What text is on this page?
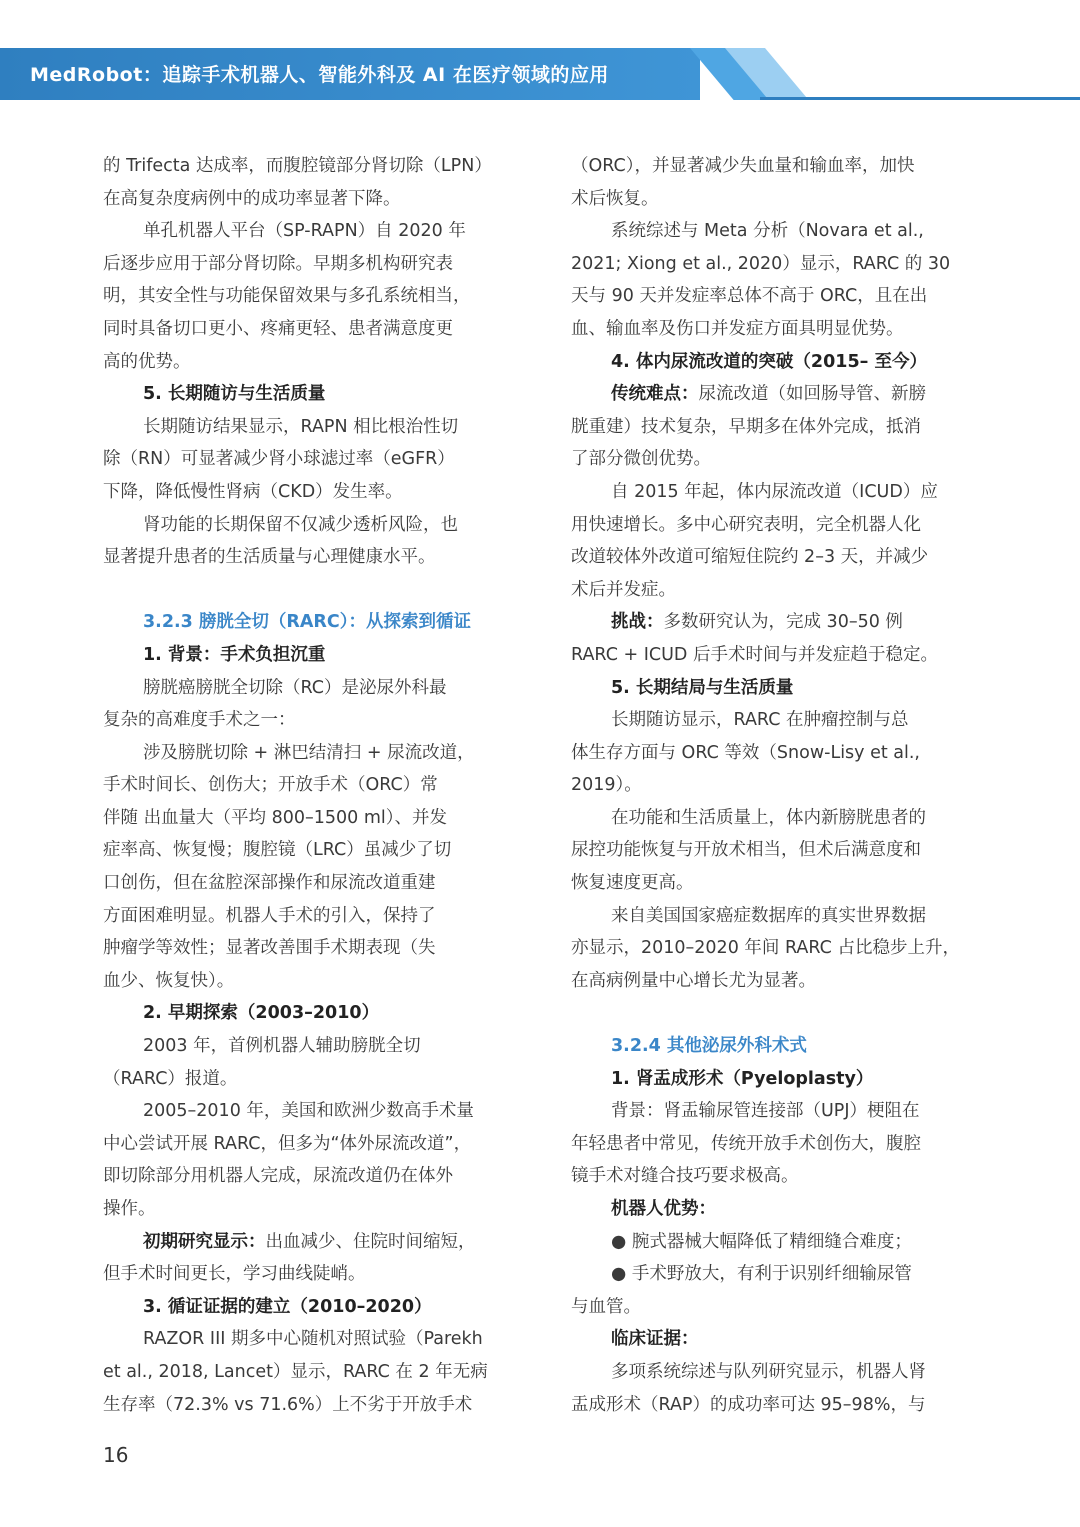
MedRobot：追踪手术机器人、智能外科及 AI 在医疗领域的应用
的 Trifecta 达成率，而腹腔镜部分肾切除（LPN）
在高复杂度病例中的成功率显著下降。
单孔机器人平台（SP-RAPN）自 2020 年
后逐步应用于部分肾切除。早期多机构研究表
明，其安全性与功能保留效果与多孔系统相当，
同时具备切口更小、疼痛更轻、患者满意度更
高的优势。
5. 长期随访与生活质量
长期随访结果显示，RAPN 相比根治性切
除（RN）可显著减少肾小球滤过率（eGFR）
下降，降低慢性肾病（CKD）发生率。
肾功能的长期保留不仅减少透析风险，也
显著提升患者的生活质量与心理健康水平。
3.2.3 膀胱全切（RARC）：从探索到循证
1. 背景：手术负担沉重
膀胱癌膀胱全切除（RC）是泌尿外科最
复杂的高难度手术之一：
涉及膀胱切除 + 淋巴结清扫 + 尿流改道，
手术时间长、创伤大；开放手术（ORC）常
伴随 出血量大（平均 800–1500 ml）、并发
症率高、恢复慢；腹腔镜（LRC）虽减少了切
口创伤，但在盆腔深部操作和尿流改道重建
方面困难明显。机器人手术的引入，保持了
肿瘤学等效性；显著改善围手术期表现（失
血少、恢复快）。
2. 早期探索（2003–2010）
2003 年，首例机器人辅助膀胱全切
（RARC）报道。
2005–2010 年，美国和欧洲少数高手术量
中心尝试开展 RARC，但多为“体外尿流改道”，
即切除部分用机器人完成，尿流改道仍在体外
操作。
初期研究显示：出血减少、住院时间缩短，
但手术时间更长，学习曲线陡峭。
3. 循证证据的建立（2010–2020）
RAZOR III 期多中心随机对照试验（Parekh
et al., 2018, Lancet）显示，RARC 在 2 年无病
生存率（72.3% vs 71.6%）上不劣于开放手术
（ORC），并显著减少失血量和输血率，加快
术后恢复。
系统综述与 Meta 分析（Novara et al.,
2021; Xiong et al., 2020）显示，RARC 的 30
天与 90 天并发症率总体不高于 ORC，且在出
血、输血率及伤口并发症方面具明显优势。
4. 体内尿流改道的突破（2015– 至今）
传统难点：尿流改道（如回肠导管、新膀
胱重建）技术复杂，早期多在体外完成，抵消
了部分微创优势。
自 2015 年起，体内尿流改道（ICUD）应
用快速增长。多中心研究表明，完全机器人化
改道较体外改道可缩短住院约 2–3 天，并减少
术后并发症。
挑战：多数研究认为，完成 30–50 例
RARC + ICUD 后手术时间与并发症趋于稳定。
5. 长期结局与生活质量
长期随访显示，RARC 在肿瘤控制与总
体生存方面与 ORC 等效（Snow-Lisy et al.,
2019）。
在功能和生活质量上，体内新膀胱患者的
尿控功能恢复与开放术相当，但术后满意度和
恢复速度更高。
来自美国国家癌症数据库的真实世界数据
亦显示，2010–2020 年间 RARC 占比稳步上升，
在高病例量中心增长尤为显著。
3.2.4 其他泌尿外科术式
1. 肾盂成形术（Pyeloplasty）
背景：肾盂输尿管连接部（UPJ）梗阻在
年轻患者中常见，传统开放手术创伤大，腹腔
镜手术对缝合技巧要求极高。
机器人优势：
● 腕式器械大幅降低了精细缝合难度；
● 手术野放大，有利于识别纤细输尿管
与血管。
临床证据：
多项系统综述与队列研究显示，机器人肾
盂成形术（RAP）的成功率可达 95–98%，与
16
